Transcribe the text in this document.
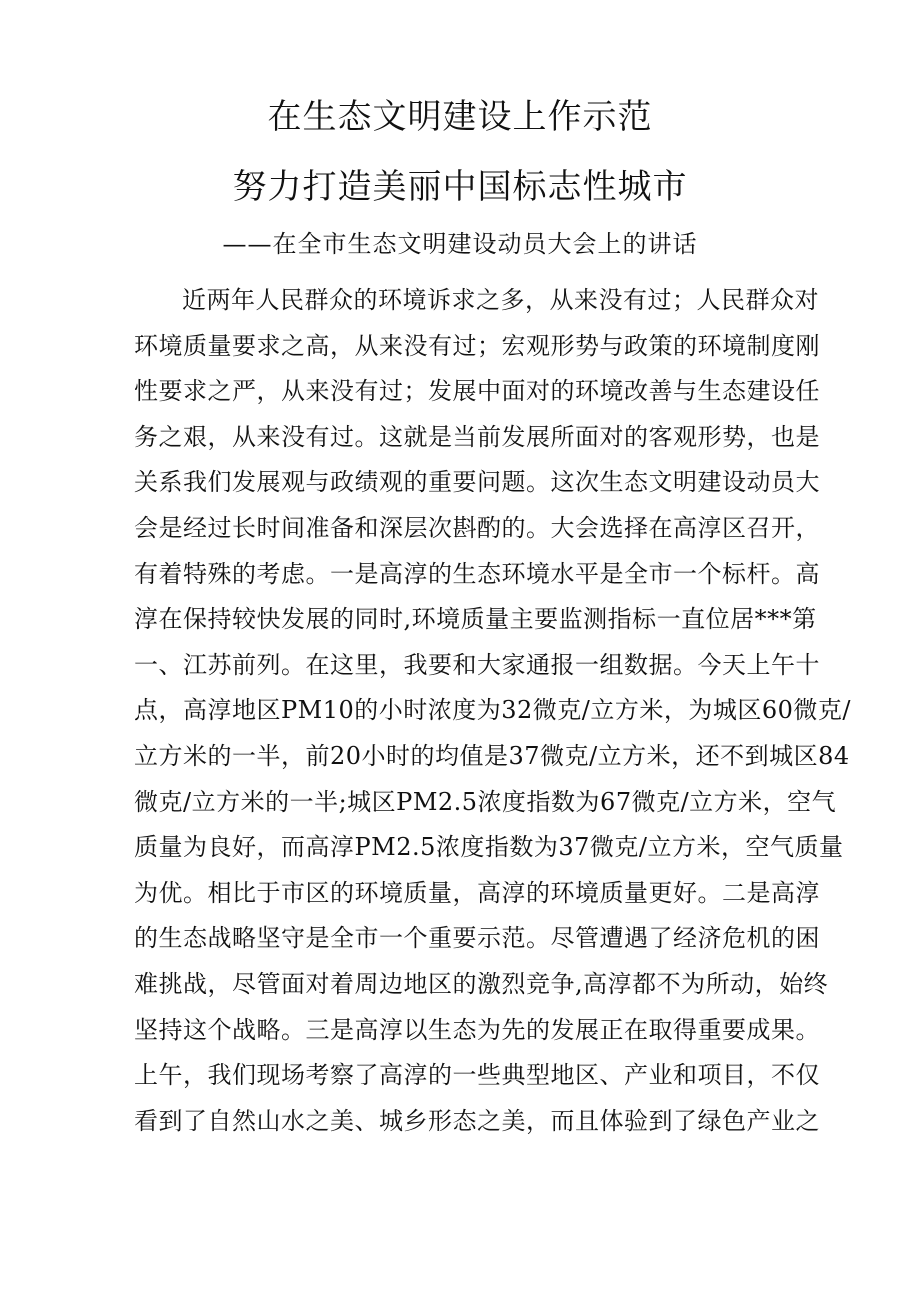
在生态文明建设上作示范
努力打造美丽中国标志性城市
——在全市生态文明建设动员大会上的讲话
近两年人民群众的环境诉求之多，从来没有过；人民群众对
环境质量要求之高，从来没有过；宏观形势与政策的环境制度刚
性要求之严，从来没有过；发展中面对的环境改善与生态建设任
务之艰，从来没有过。这就是当前发展所面对的客观形势，也是
关系我们发展观与政绩观的重要问题。这次生态文明建设动员大
会是经过长时间准备和深层次斟酌的。大会选择在高淳区召开，
有着特殊的考虑。一是高淳的生态环境水平是全市一个标杆。高
淳在保持较快发展的同时,环境质量主要监测指标一直位居***第
一、江苏前列。在这里，我要和大家通报一组数据。今天上午十
点，高淳地区PM10的小时浓度为32微克/立方米，为城区60微克/
立方米的一半，前20小时的均值是37微克/立方米，还不到城区84
微克/立方米的一半;城区PM2.5浓度指数为67微克/立方米，空气
质量为良好，而高淳PM2.5浓度指数为37微克/立方米，空气质量
为优。相比于市区的环境质量，高淳的环境质量更好。二是高淳
的生态战略坚守是全市一个重要示范。尽管遭遇了经济危机的困
难挑战，尽管面对着周边地区的激烈竞争,高淳都不为所动，始终
坚持这个战略。三是高淳以生态为先的发展正在取得重要成果。
上午，我们现场考察了高淳的一些典型地区、产业和项目，不仅
看到了自然山水之美、城乡形态之美，而且体验到了绿色产业之
